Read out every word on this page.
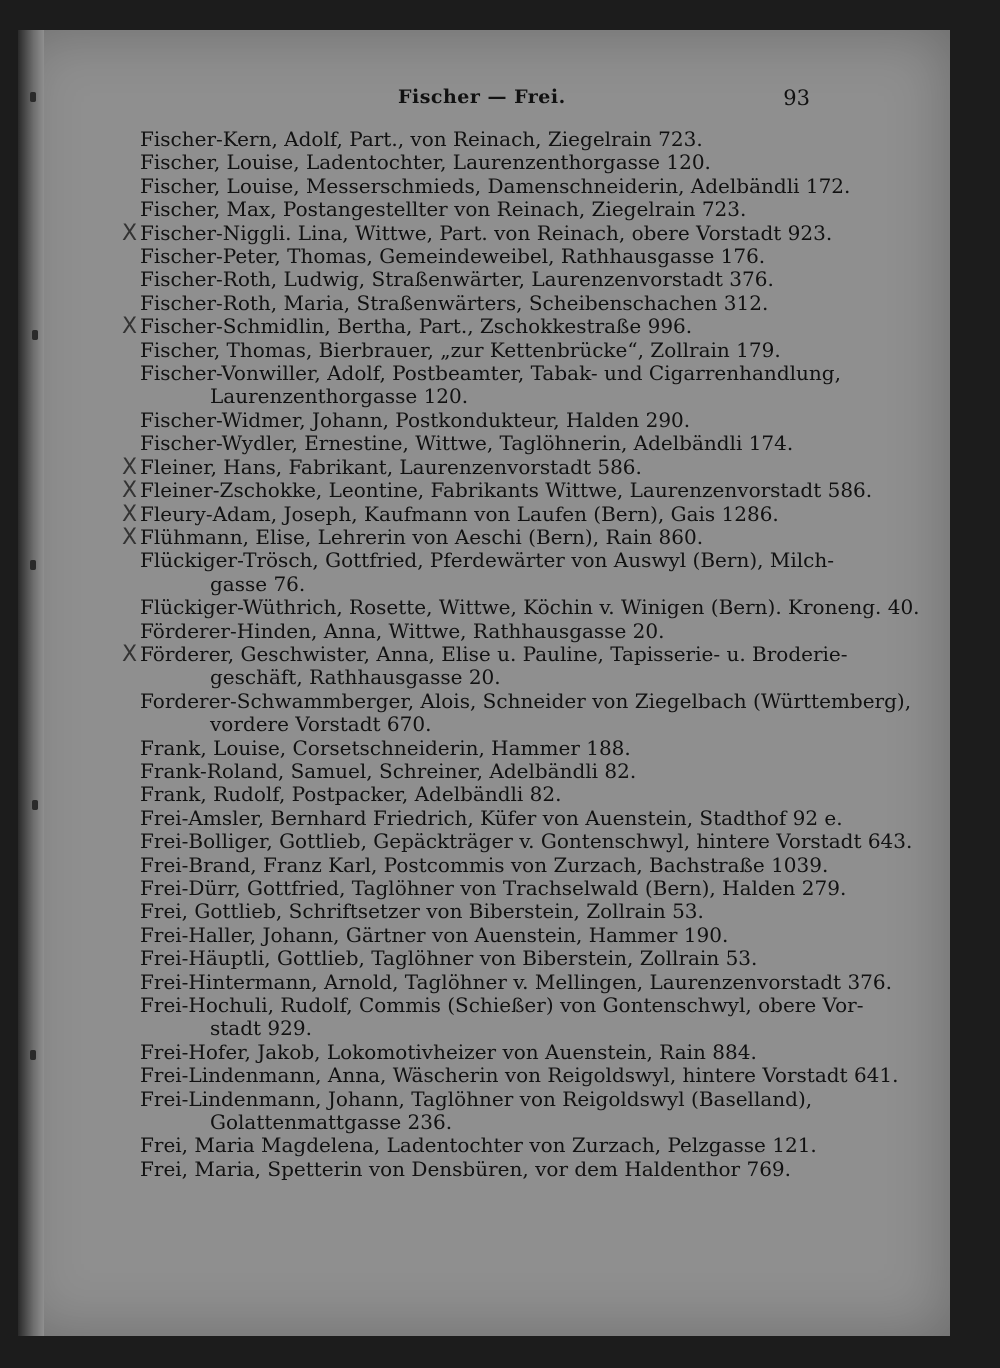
Fischer — Frei.	93
Fischer-Kern, Adolf, Part., von Reinach, Ziegelrain 723.
Fischer, Louise, Ladentochter, Laurenzenthorgasse 120.
Fischer, Louise, Messerschmieds, Damenschneiderin, Adelbändli 172.
Fischer, Max, Postangestellter von Reinach, Ziegelrain 723.
X Fischer-Niggli. Lina, Wittwe, Part. von Reinach, obere Vorstadt 923.
Fischer-Peter, Thomas, Gemeindeweibel, Rathhausgasse 176.
Fischer-Roth, Ludwig, Straßenwärter, Laurenzenvorstadt 376.
Fischer-Roth, Maria, Straßenwärters, Scheibenschachen 312.
X Fischer-Schmidlin, Bertha, Part., Zschokkestraße 996.
Fischer, Thomas, Bierbrauer, „zur Kettenbrücke“, Zollrain 179.
Fischer-Vonwiller, Adolf, Postbeamter, Tabak- und Cigarrenhandlung,
Laurenzenthorgasse 120.
Fischer-Widmer, Johann, Postkondukteur, Halden 290.
Fischer-Wydler, Ernestine, Wittwe, Taglöhnerin, Adelbändli 174.
X Fleiner, Hans, Fabrikant, Laurenzenvorstadt 586.
X Fleiner-Zschokke, Leontine, Fabrikants Wittwe, Laurenzenvorstadt 586.
X Fleury-Adam, Joseph, Kaufmann von Laufen (Bern), Gais 1286.
X Flühmann, Elise, Lehrerin von Aeschi (Bern), Rain 860.
Flückiger-Trösch, Gottfried, Pferdewärter von Auswyl (Bern), Milch-
gasse 76.
Flückiger-Wüthrich, Rosette, Wittwe, Köchin v. Winigen (Bern). Kroneng. 40.
Förderer-Hinden, Anna, Wittwe, Rathhausgasse 20.
X Förderer, Geschwister, Anna, Elise u. Pauline, Tapisserie- u. Broderie-
geschäft, Rathhausgasse 20.
Forderer-Schwammberger, Alois, Schneider von Ziegelbach (Württemberg),
vordere Vorstadt 670.
Frank, Louise, Corsetschneiderin, Hammer 188.
Frank-Roland, Samuel, Schreiner, Adelbändli 82.
Frank, Rudolf, Postpacker, Adelbändli 82.
Frei-Amsler, Bernhard Friedrich, Küfer von Auenstein, Stadthof 92 e.
Frei-Bolliger, Gottlieb, Gepäckträger v. Gontenschwyl, hintere Vorstadt 643.
Frei-Brand, Franz Karl, Postcommis von Zurzach, Bachstraße 1039.
Frei-Dürr, Gottfried, Taglöhner von Trachselwald (Bern), Halden 279.
Frei, Gottlieb, Schriftsetzer von Biberstein, Zollrain 53.
Frei-Haller, Johann, Gärtner von Auenstein, Hammer 190.
Frei-Häuptli, Gottlieb, Taglöhner von Biberstein, Zollrain 53.
Frei-Hintermann, Arnold, Taglöhner v. Mellingen, Laurenzenvorstadt 376.
Frei-Hochuli, Rudolf, Commis (Schießer) von Gontenschwyl, obere Vor-
stadt 929.
Frei-Hofer, Jakob, Lokomotivheizer von Auenstein, Rain 884.
Frei-Lindenmann, Anna, Wäscherin von Reigoldswyl, hintere Vorstadt 641.
Frei-Lindenmann, Johann, Taglöhner von Reigoldswyl (Baselland),
Golattenmattgasse 236.
Frei, Maria Magdelena, Ladentochter von Zurzach, Pelzgasse 121.
Frei, Maria, Spetterin von Densbüren, vor dem Haldenthor 769.
